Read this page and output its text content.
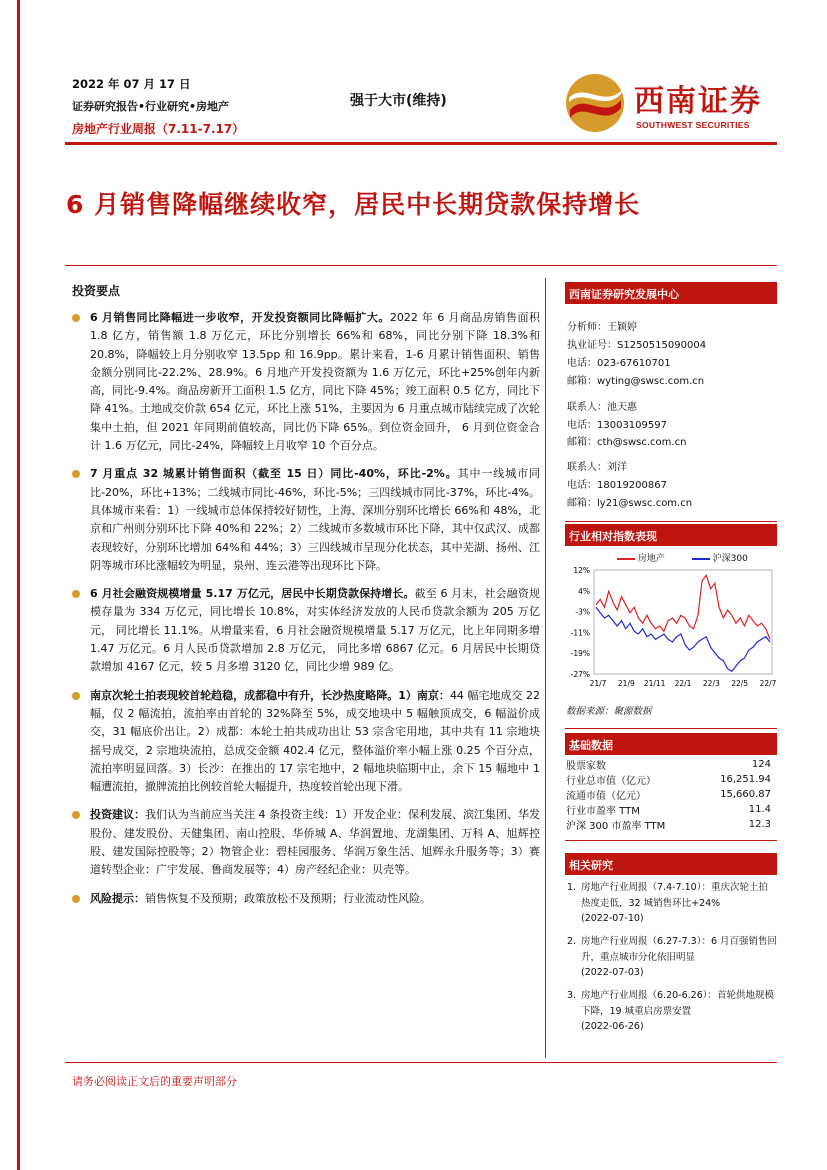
2022 年 07 月 17 日
证券研究报告•行业研究•房地产
房地产行业周报（7.11-7.17）
强于大市(维持)	西南证券
SOUTHWEST SECURITIES
6 月销售降幅继续收窄，居民中长期贷款保持增长
投资要点
6 月销售同比降幅进一步收窄，开发投资额同比降幅扩大。2022 年 6 月商品房销售面积 1.8 亿方，销售额 1.8 万亿元，环比分别增长 66%和 68%，同比分别下降 18.3%和 20.8%，降幅较上月分别收窄 13.5pp 和 16.9pp。累计来看，1-6 月累计销售面积、销售金额分别同比-22.2%、28.9%。6 月地产开发投资额为 1.6 万亿元，环比+25%创年内新高，同比-9.4%。商品房新开工面积 1.5 亿方，同比下降 45%；竣工面积 0.5 亿方，同比下降 41%。土地成交价款 654 亿元，环比上涨 51%，主要因为 6 月重点城市陆续完成了次轮集中土拍，但 2021 年同期前值较高，同比仍下降 65%。到位资金回升， 6 月到位资金合计 1.6 万亿元，同比-24%，降幅较上月收窄 10 个百分点。
7 月重点 32 城累计销售面积（截至 15 日）同比-40%，环比-2%。其中一线城市同比-20%，环比+13%；二线城市同比-46%，环比-5%；三四线城市同比-37%，环比-4%。具体城市来看：1）一线城市总体保持较好韧性，上海、深圳分别环比增长 66%和 48%，北京和广州则分别环比下降 40%和 22%；2）二线城市多数城市环比下降，其中仅武汉、成都表现较好，分别环比增加 64%和 44%；3）三四线城市呈现分化状态，其中芜湖、扬州、江阴等城市环比涨幅较为明显，泉州、连云港等出现环比下降。
6 月社会融资规模增量 5.17 万亿元，居民中长期贷款保持增长。截至 6 月末，社会融资规模存量为 334 万亿元，同比增长 10.8%，对实体经济发放的人民币贷款余额为 205 万亿元， 同比增长 11.1%。从增量来看，6 月社会融资规模增量 5.17 万亿元，比上年同期多增 1.47 万亿元。6 月人民币贷款增加 2.8 万亿元， 同比多增 6867 亿元。6 月居民中长期贷款增加 4167 亿元，较 5 月多增 3120 亿，同比少增 989 亿。
南京次轮土拍表现较首轮趋稳，成都稳中有升，长沙热度略降。1）南京：44 幅宅地成交 22 幅，仅 2 幅流拍，流拍率由首轮的 32%降至 5%，成交地块中 5 幅触顶成交，6 幅溢价成交，31 幅底价出让。2）成都：本轮土拍共成功出让 53 宗含宅用地，其中共有 11 宗地块摇号成交，2 宗地块流拍，总成交金额 402.4 亿元，整体溢价率小幅上涨 0.25 个百分点，流拍率明显回落。3）长沙：在推出的 17 宗宅地中，2 幅地块临期中止，余下 15 幅地中 1 幅遭流拍，撤牌流拍比例较首轮大幅提升，热度较首轮出现下滑。
投资建议：我们认为当前应当关注 4 条投资主线：1）开发企业：保利发展、滨江集团、华发股份、建发股份、天健集团、南山控股、华侨城 A、华润置地、龙湖集团、万科 A、旭辉控股、建发国际控股等；2）物管企业：碧桂园服务、华润万象生活、旭辉永升服务等；3）赛道转型企业：广宇发展、鲁商发展等；4）房产经纪企业：贝壳等。
风险提示：销售恢复不及预期；政策放松不及预期；行业流动性风险。
西南证券研究发展中心
分析师：王颖婷
执业证号：S1250515090004
电话：023-67610701
邮箱：wyting@swsc.com.cn
联系人：池天惠
电话：13003109597
邮箱：cth@swsc.com.cn
联系人：刘洋
电话：18019200867
邮箱：ly21@swsc.com.cn
行业相对指数表现
房地产	沪深300
12%
4%
-3%
-11%
-19%
-27%
21/7 21/9 21/11 22/1 22/3 22/5 22/7
数据来源：聚源数据
基础数据
股票家数	124
行业总市值（亿元）	16,251.94
流通市值（亿元）	15,660.87
行业市盈率 TTM	11.4
沪深 300 市盈率 TTM	12.3
相关研究
1. 房地产行业周报（7.4-7.10）：重庆次轮土拍热度走低，32 城销售环比+24%
(2022-07-10)
2. 房地产行业周报（6.27-7.3）：6 月百强销售回升，重点城市分化依旧明显
(2022-07-03)
3. 房地产行业周报（6.20-6.26）：首轮供地规模下降，19 城重启房票安置
(2022-06-26)
请务必阅读正文后的重要声明部分
